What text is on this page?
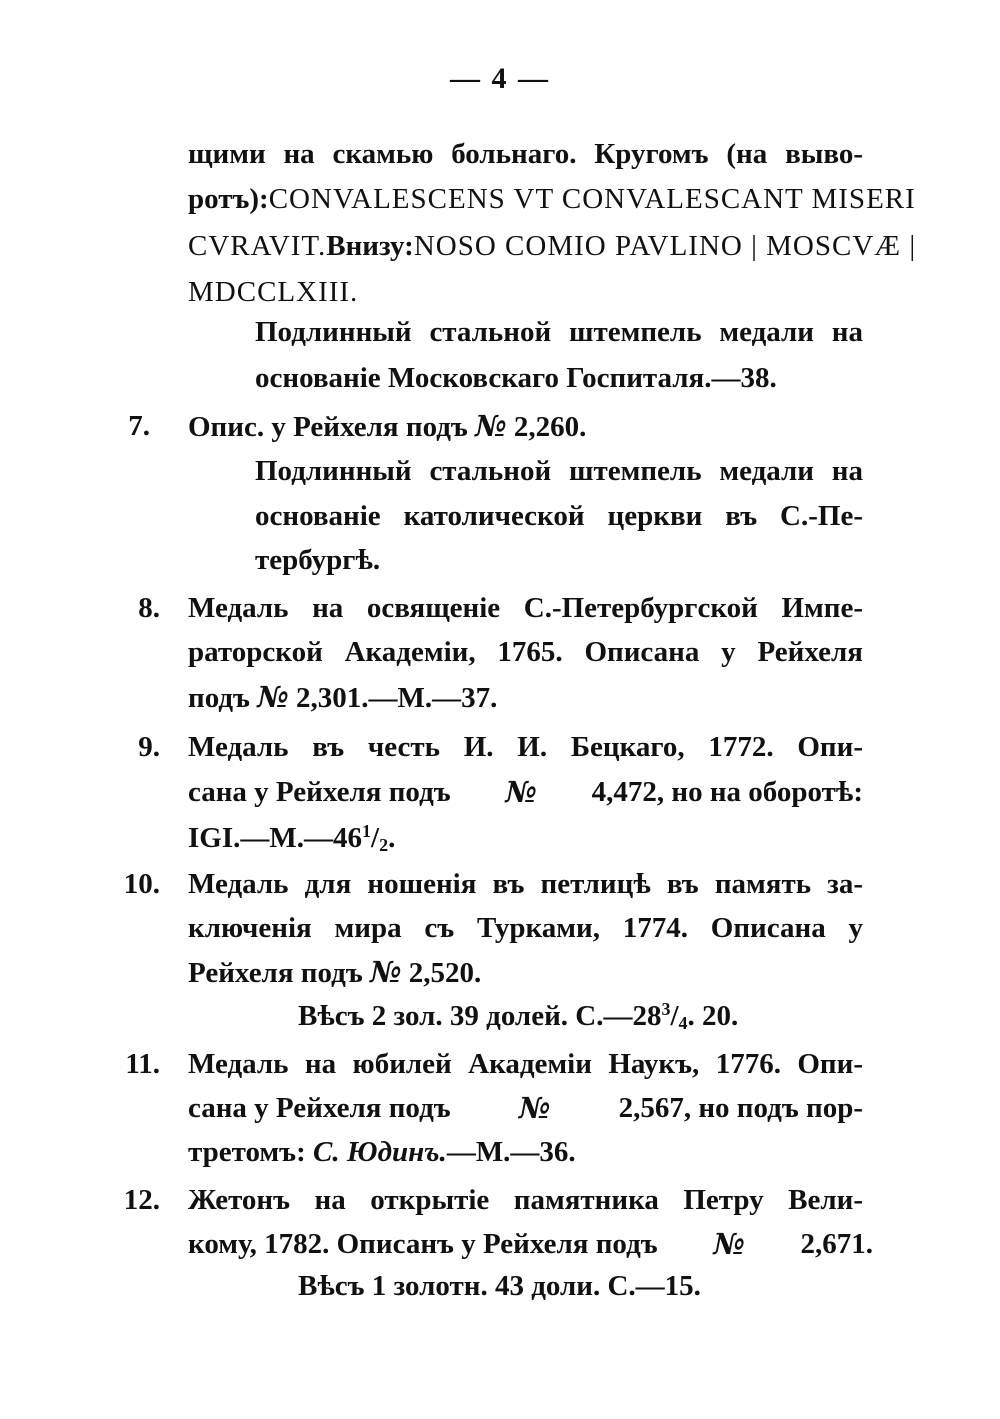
— 4 —
щими на скамью больнаго. Кругомъ (на выво-
ротъ): CONVALESCENS VT CONVALESCANT MISERI
CVRAVIT. Внизу: NOSO COMIO PAVLINO | MOSCVÆ |
MDCCLXIII.
Подлинный стальной штемпель медали на
основаніе Московскаго Госпиталя.—38.
7. Опис. у Рейхеля подъ № 2,260.
Подлинный стальной штемпель медали на
основаніе католической церкви въ С.-Пе-
тербургѣ.
8. Медаль на освященіе С.-Петербургской Импе-
раторской Академіи, 1765. Описана у Рейхеля
подъ № 2,301.—М.—37.
9. Медаль въ честь И. И. Бецкаго, 1772. Опи-
сана у Рейхеля подъ № 4,472, но на оборотѣ:
$IGI.—М.—46^1/_2$.
10. Медаль для ношенія въ петлицѣ въ память за-
ключенія мира съ Турками, 1774. Описана у
Рейхеля подъ № 2,520.
Вѣсъ 2 зол. 39 долей. $С.—28^3/_4$. 20.
11. Медаль на юбилей Академіи Наукъ, 1776. Опи-
сана у Рейхеля подъ № 2,567, но подъ пор-
третомъ: С. Юдинъ.—М.—36.
12. Жетонъ на открытіе памятника Петру Вели-
кому, 1782. Описанъ у Рейхеля подъ № 2,671.
Вѣсъ 1 золотн. 43 доли. С.—15.
